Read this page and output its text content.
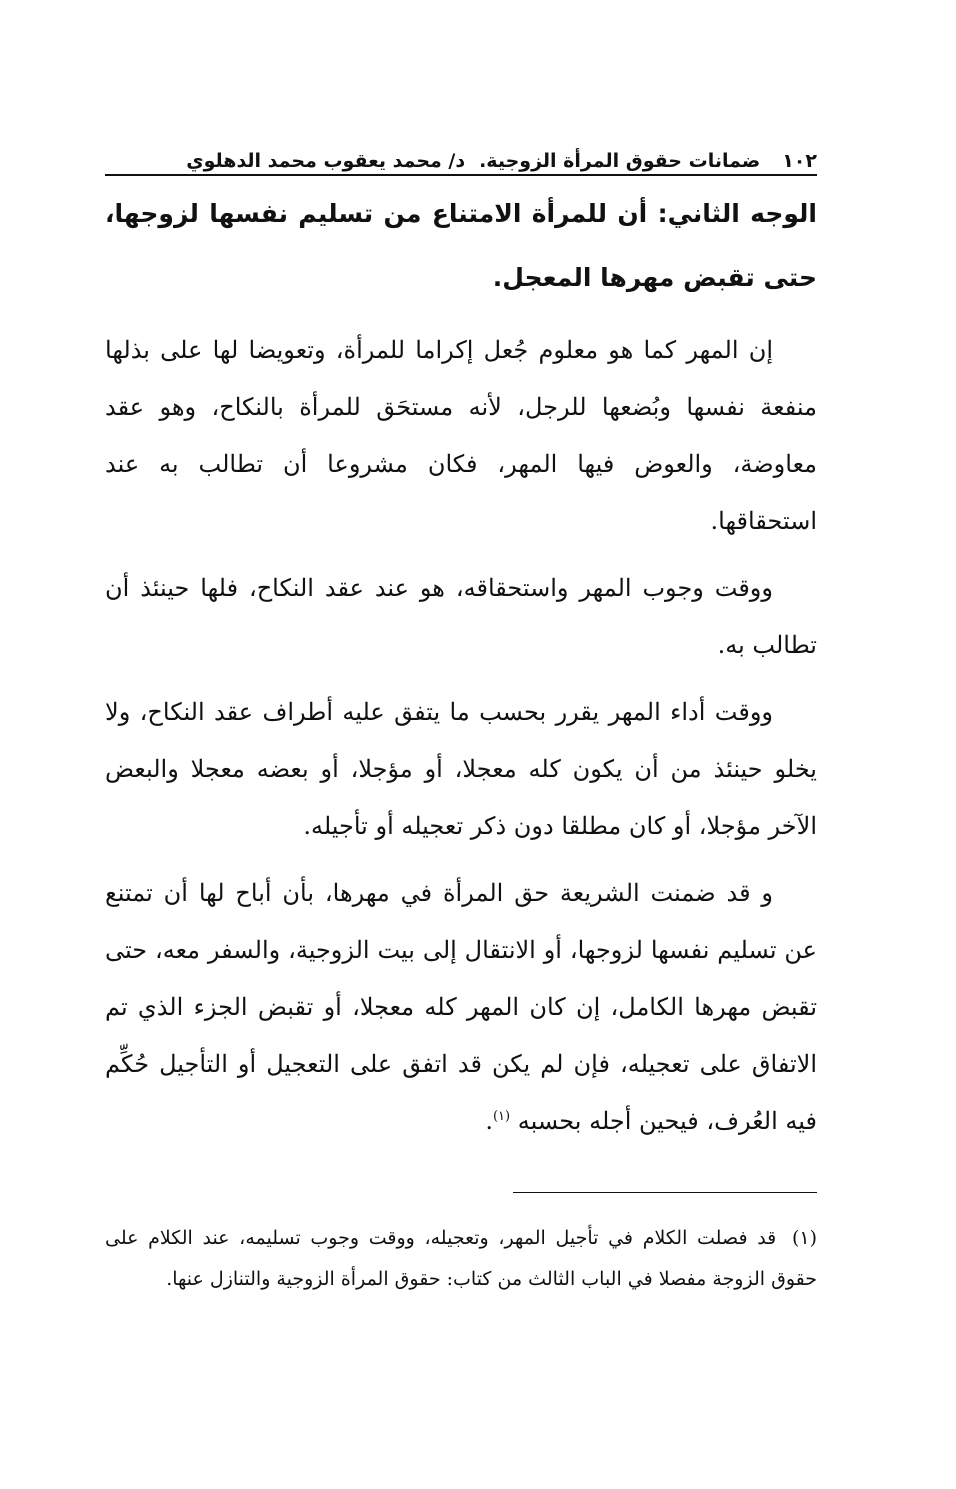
١٠٢
ضمانات حقوق المرأة الزوجية.
د/ محمد يعقوب محمد الدهلوي
الوجه الثاني: أن للمرأة الامتناع من تسليم نفسها لزوجها، حتى تقبض مهرها المعجل.

إن المهر كما هو معلوم جُعل إكراما للمرأة، وتعويضا لها على بذلها منفعة نفسها وبُضعها للرجل، لأنه مستحَق للمرأة بالنكاح، وهو عقد معاوضة، والعوض فيها المهر، فكان مشروعا أن تطالب به عند استحقاقها.

ووقت وجوب المهر واستحقاقه، هو عند عقد النكاح، فلها حينئذ أن تطالب به.

ووقت أداء المهر يقرر بحسب ما يتفق عليه أطراف عقد النكاح، ولا يخلو حينئذ من أن يكون كله معجلا، أو مؤجلا، أو بعضه معجلا والبعض الآخر مؤجلا، أو كان مطلقا دون ذكر تعجيله أو تأجيله.

و قد ضمنت الشريعة حق المرأة في مهرها، بأن أباح لها أن تمتنع عن تسليم نفسها لزوجها، أو الانتقال إلى بيت الزوجية، والسفر معه، حتى تقبض مهرها الكامل، إن كان المهر كله معجلا، أو تقبض الجزء الذي تم الاتفاق على تعجيله، فإن لم يكن قد اتفق على التعجيل أو التأجيل حُكِّم فيه العُرف، فيحين أجله بحسبه $^{(١)}$.

(١) قد فصلت الكلام في تأجيل المهر، وتعجيله، ووقت وجوب تسليمه، عند الكلام على حقوق الزوجة مفصلا في الباب الثالث من كتاب: حقوق المرأة الزوجية والتنازل عنها.
